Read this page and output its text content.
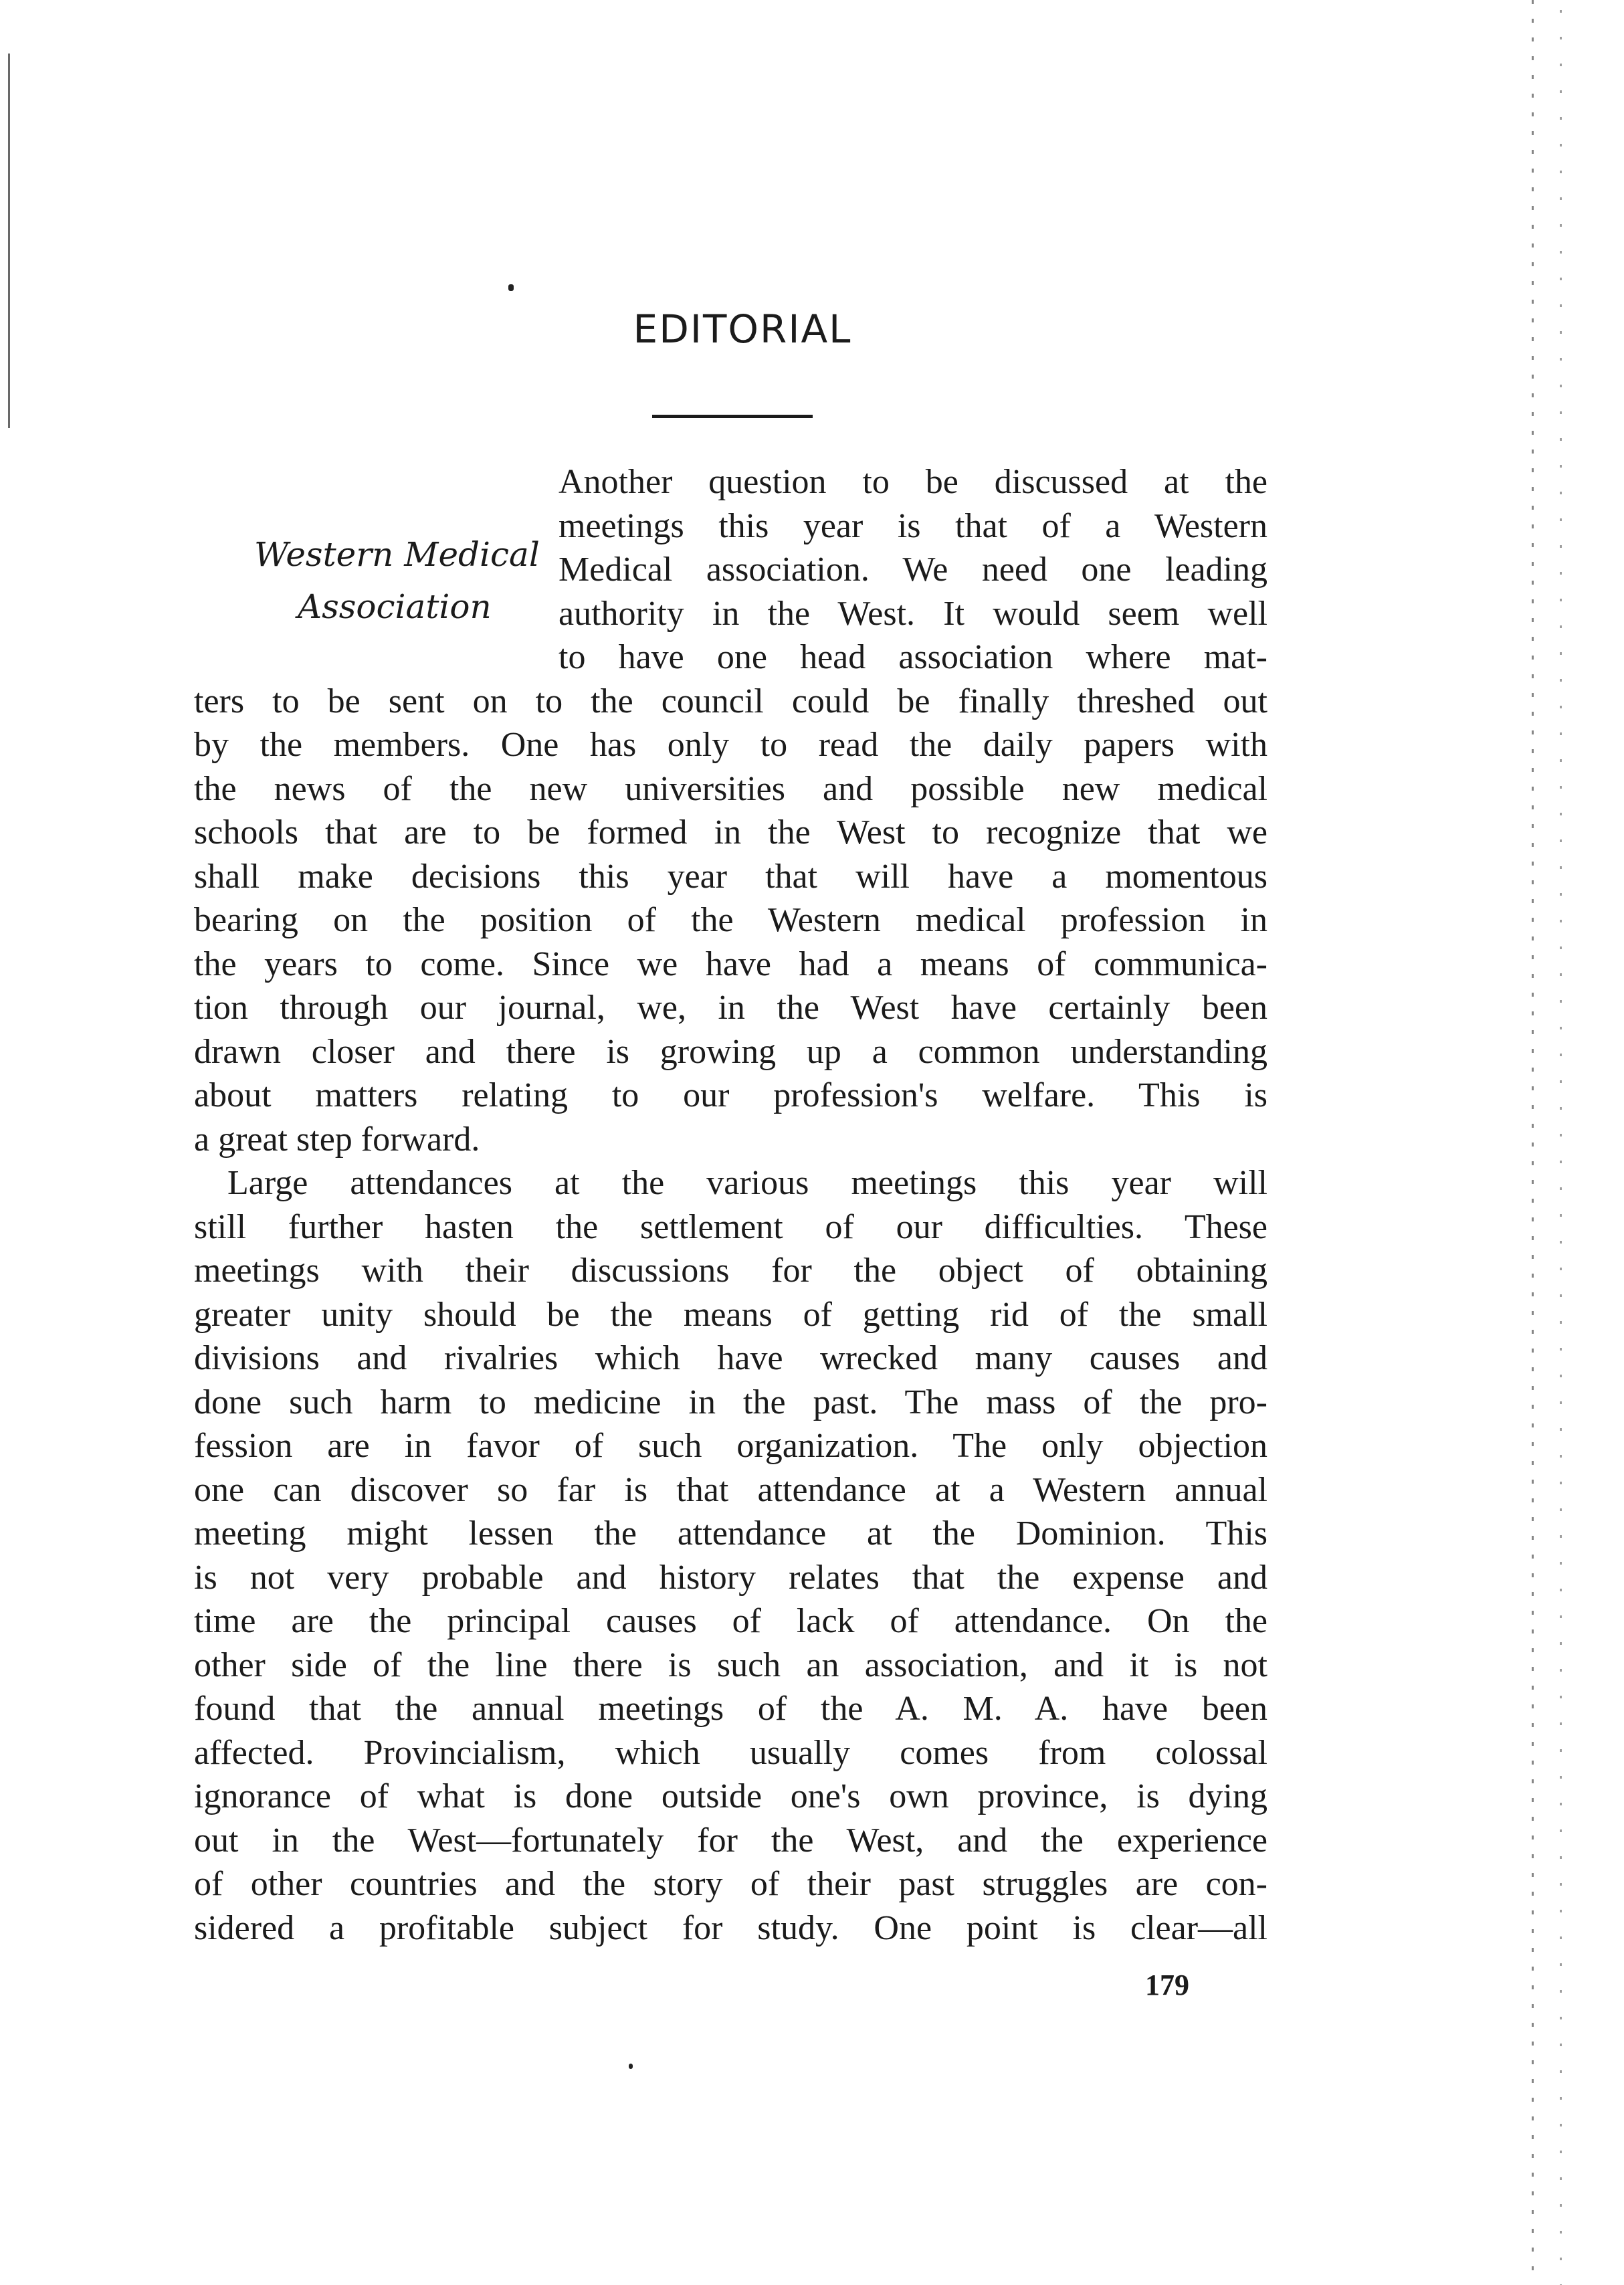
EDITORIAL
Western Medical
Association
Another question to be discussed at the
meetings this year is that of a Western
Medical association. We need one leading
authority in the West. It would seem well
to have one head association where mat-
ters to be sent on to the council could be finally threshed out
by the members. One has only to read the daily papers with
the news of the new universities and possible new medical
schools that are to be formed in the West to recognize that we
shall make decisions this year that will have a momentous
bearing on the position of the Western medical profession in
the years to come. Since we have had a means of communica-
tion through our journal, we, in the West have certainly been
drawn closer and there is growing up a common understanding
about matters relating to our profession's welfare. This is
a great step forward.
Large attendances at the various meetings this year will
still further hasten the settlement of our difficulties. These
meetings with their discussions for the object of obtaining
greater unity should be the means of getting rid of the small
divisions and rivalries which have wrecked many causes and
done such harm to medicine in the past. The mass of the pro-
fession are in favor of such organization. The only objection
one can discover so far is that attendance at a Western annual
meeting might lessen the attendance at the Dominion. This
is not very probable and history relates that the expense and
time are the principal causes of lack of attendance. On the
other side of the line there is such an association, and it is not
found that the annual meetings of the A. M. A. have been
affected. Provincialism, which usually comes from colossal
ignorance of what is done outside one's own province, is dying
out in the West—fortunately for the West, and the experience
of other countries and the story of their past struggles are con-
sidered a profitable subject for study. One point is clear—all
179
